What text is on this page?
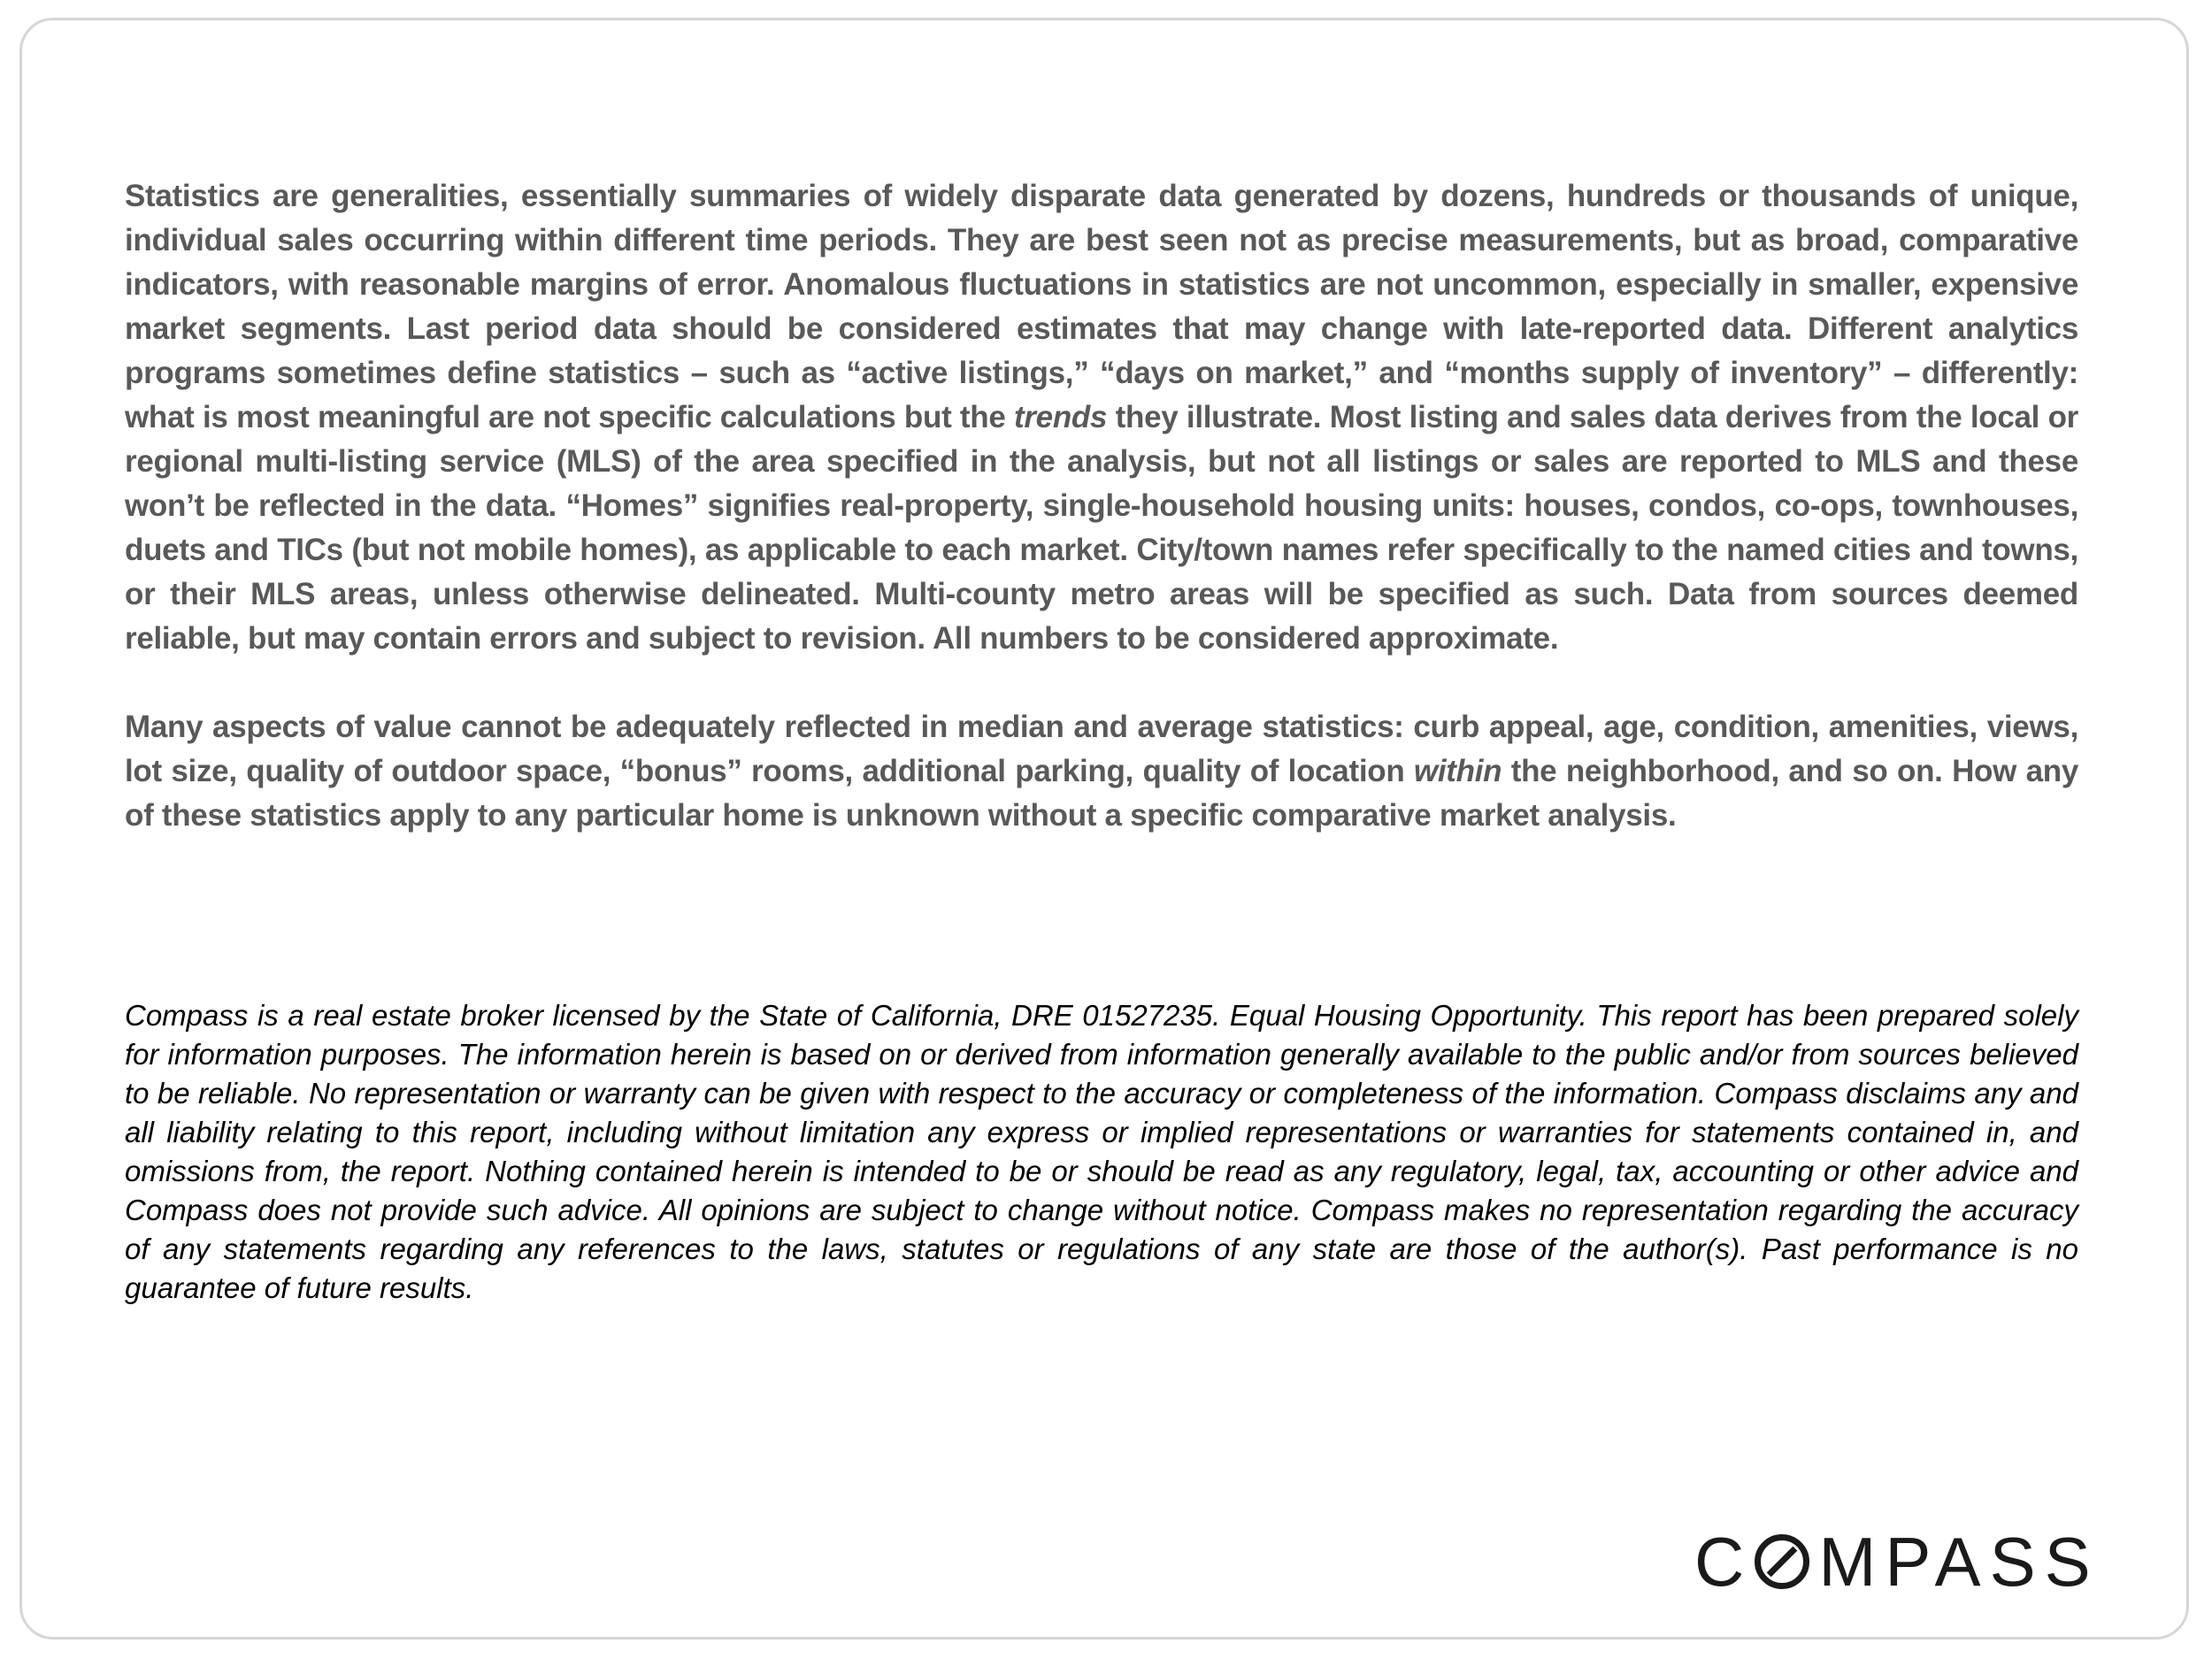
Statistics are generalities, essentially summaries of widely disparate data generated by dozens, hundreds or thousands of unique, individual sales occurring within different time periods. They are best seen not as precise measurements, but as broad, comparative indicators, with reasonable margins of error. Anomalous fluctuations in statistics are not uncommon, especially in smaller, expensive market segments. Last period data should be considered estimates that may change with late-reported data. Different analytics programs sometimes define statistics – such as “active listings,” “days on market,” and “months supply of inventory” – differently: what is most meaningful are not specific calculations but the trends they illustrate. Most listing and sales data derives from the local or regional multi-listing service (MLS) of the area specified in the analysis, but not all listings or sales are reported to MLS and these won’t be reflected in the data. “Homes” signifies real-property, single-household housing units: houses, condos, co-ops, townhouses, duets and TICs (but not mobile homes), as applicable to each market. City/town names refer specifically to the named cities and towns, or their MLS areas, unless otherwise delineated. Multi-county metro areas will be specified as such. Data from sources deemed reliable, but may contain errors and subject to revision. All numbers to be considered approximate.

Many aspects of value cannot be adequately reflected in median and average statistics: curb appeal, age, condition, amenities, views, lot size, quality of outdoor space, “bonus” rooms, additional parking, quality of location within the neighborhood, and so on. How any of these statistics apply to any particular home is unknown without a specific comparative market analysis.

Compass is a real estate broker licensed by the State of California, DRE 01527235. Equal Housing Opportunity. This report has been prepared solely for information purposes. The information herein is based on or derived from information generally available to the public and/or from sources believed to be reliable. No representation or warranty can be given with respect to the accuracy or completeness of the information. Compass disclaims any and all liability relating to this report, including without limitation any express or implied representations or warranties for statements contained in, and omissions from, the report. Nothing contained herein is intended to be or should be read as any regulatory, legal, tax, accounting or other advice and Compass does not provide such advice. All opinions are subject to change without notice. Compass makes no representation regarding the accuracy of any statements regarding any references to the laws, statutes or regulations of any state are those of the author(s). Past performance is no guarantee of future results.

C MPASS
